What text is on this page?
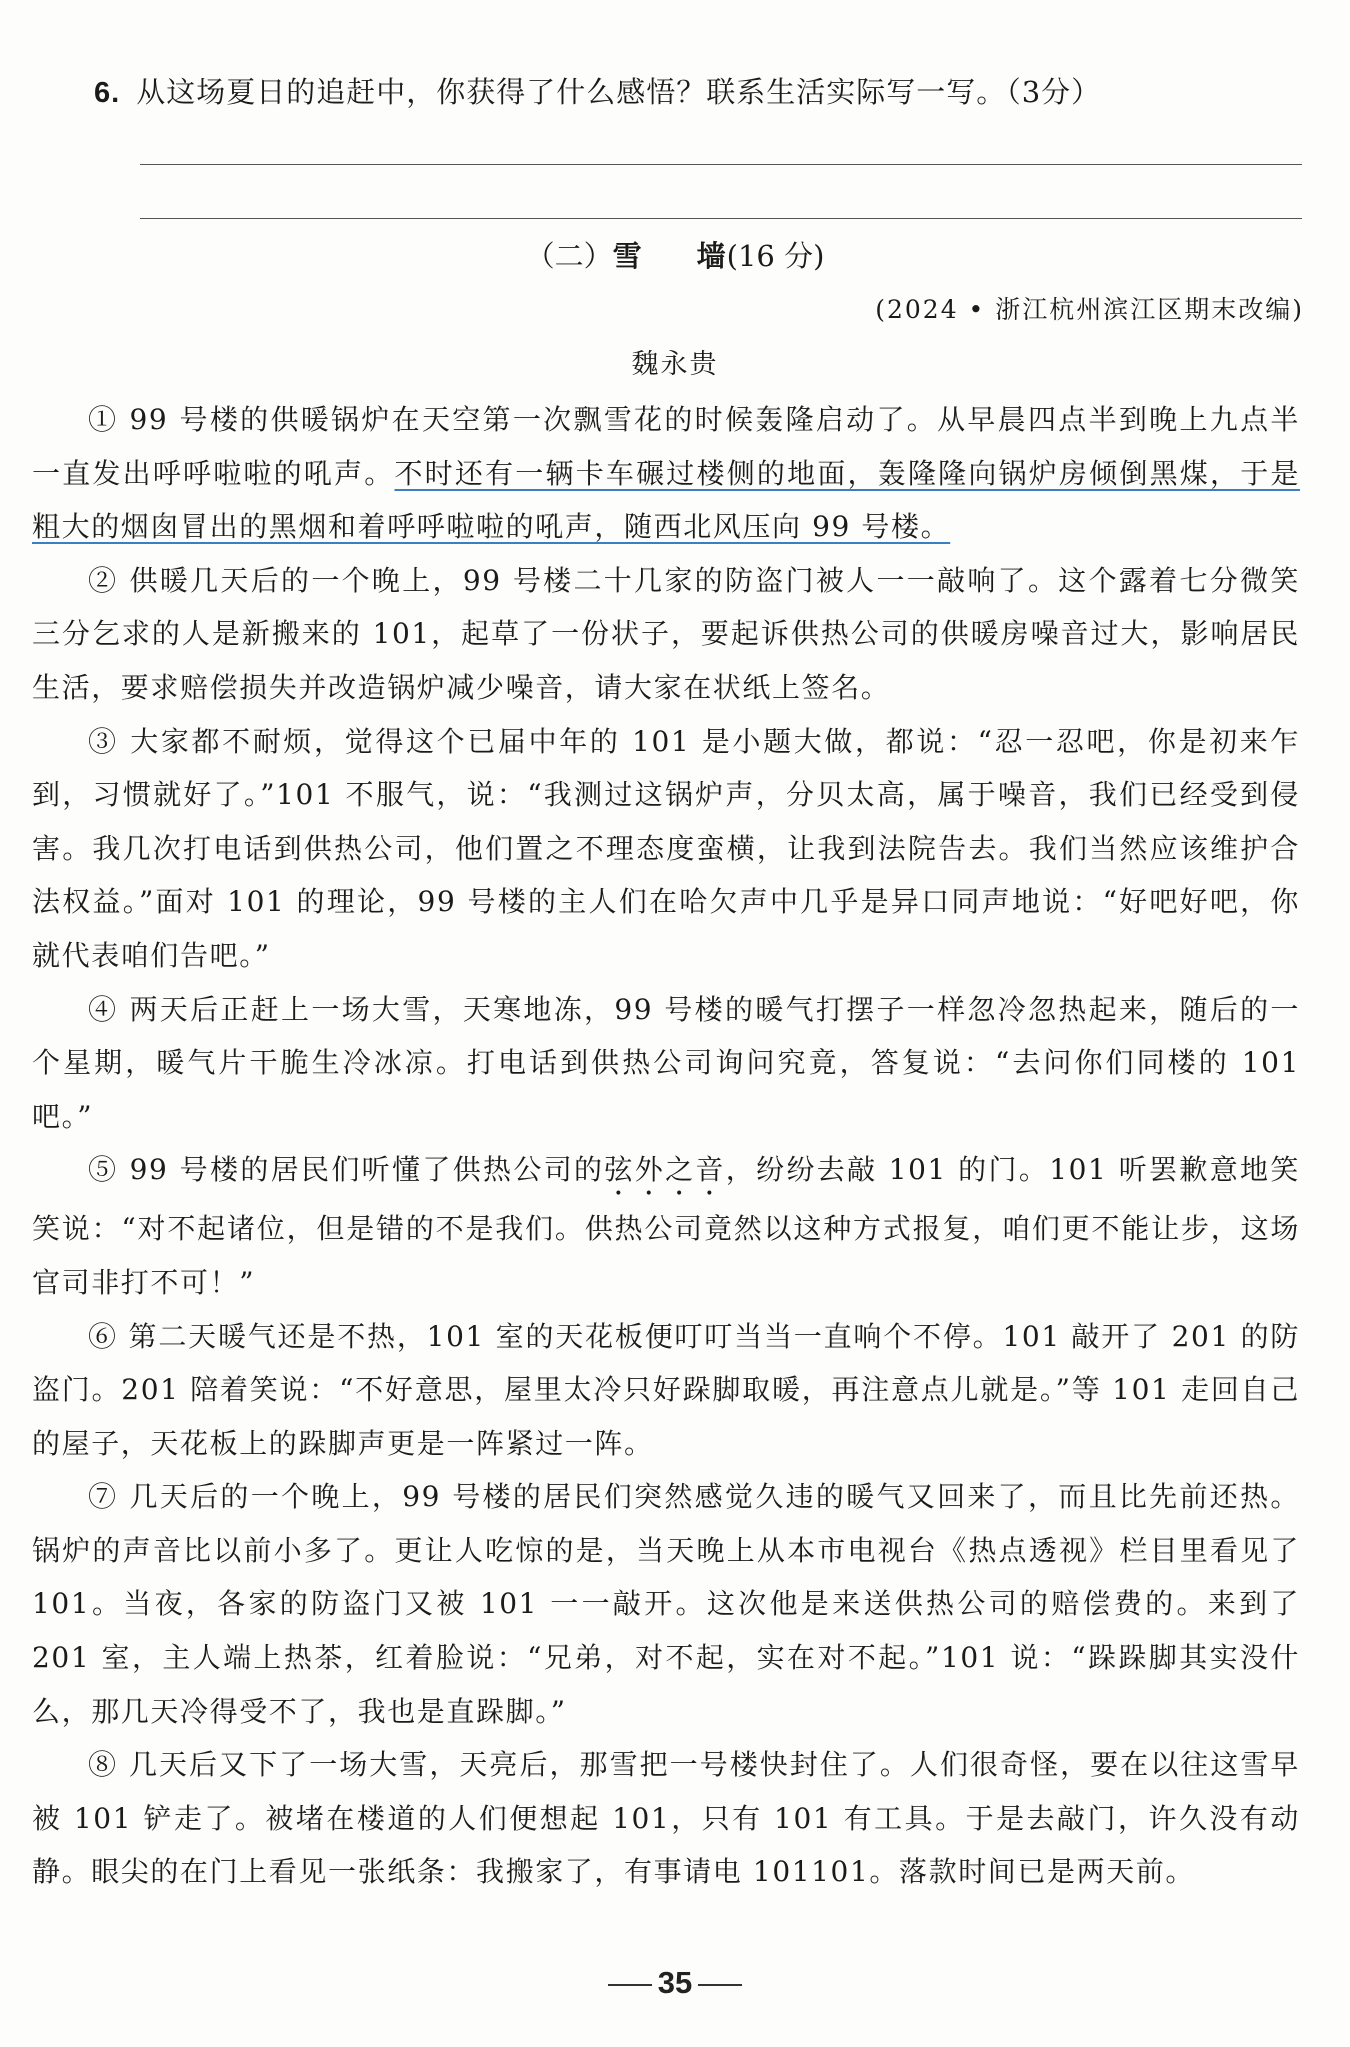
6. 从这场夏日的追赶中，你获得了什么感悟？联系生活实际写一写。（3分）
（二）雪 墙(16 分)
(2024 • 浙江杭州滨江区期末改编)
魏永贵

① 99 号楼的供暖锅炉在天空第一次飘雪花的时候轰隆启动了。从早晨四点半到晚上九点半一直发出呼呼啦啦的吼声。不时还有一辆卡车碾过楼侧的地面，轰隆隆向锅炉房倾倒黑煤，于是粗大的烟囱冒出的黑烟和着呼呼啦啦的吼声，随西北风压向 99 号楼。

② 供暖几天后的一个晚上，99 号楼二十几家的防盗门被人一一敲响了。这个露着七分微笑三分乞求的人是新搬来的 101，起草了一份状子，要起诉供热公司的供暖房噪音过大，影响居民生活，要求赔偿损失并改造锅炉减少噪音，请大家在状纸上签名。

③ 大家都不耐烦，觉得这个已届中年的 101 是小题大做，都说：“忍一忍吧，你是初来乍到，习惯就好了。”101 不服气，说：“我测过这锅炉声，分贝太高，属于噪音，我们已经受到侵害。我几次打电话到供热公司，他们置之不理态度蛮横，让我到法院告去。我们当然应该维护合法权益。”面对 101 的理论，99 号楼的主人们在哈欠声中几乎是异口同声地说：“好吧好吧，你就代表咱们告吧。”

④ 两天后正赶上一场大雪，天寒地冻，99 号楼的暖气打摆子一样忽冷忽热起来，随后的一个星期，暖气片干脆生冷冰凉。打电话到供热公司询问究竟，答复说：“去问你们同楼的 101 吧。”

⑤ 99 号楼的居民们听懂了供热公司的弦外之音，纷纷去敲 101 的门。101 听罢歉意地笑笑说：“对不起诸位，但是错的不是我们。供热公司竟然以这种方式报复，咱们更不能让步，这场官司非打不可！”

⑥ 第二天暖气还是不热，101 室的天花板便叮叮当当一直响个不停。101 敲开了 201 的防盗门。201 陪着笑说：“不好意思，屋里太冷只好跺脚取暖，再注意点儿就是。”等 101 走回自己的屋子，天花板上的跺脚声更是一阵紧过一阵。

⑦ 几天后的一个晚上，99 号楼的居民们突然感觉久违的暖气又回来了，而且比先前还热。锅炉的声音比以前小多了。更让人吃惊的是，当天晚上从本市电视台《热点透视》栏目里看见了 101。当夜，各家的防盗门又被 101 一一敲开。这次他是来送供热公司的赔偿费的。来到了 201 室，主人端上热茶，红着脸说：“兄弟，对不起，实在对不起。”101 说：“跺跺脚其实没什么，那几天冷得受不了，我也是直跺脚。”

⑧ 几天后又下了一场大雪，天亮后，那雪把一号楼快封住了。人们很奇怪，要在以往这雪早被 101 铲走了。被堵在楼道的人们便想起 101，只有 101 有工具。于是去敲门，许久没有动静。眼尖的在门上看见一张纸条：我搬家了，有事请电 101101。落款时间已是两天前。

35
